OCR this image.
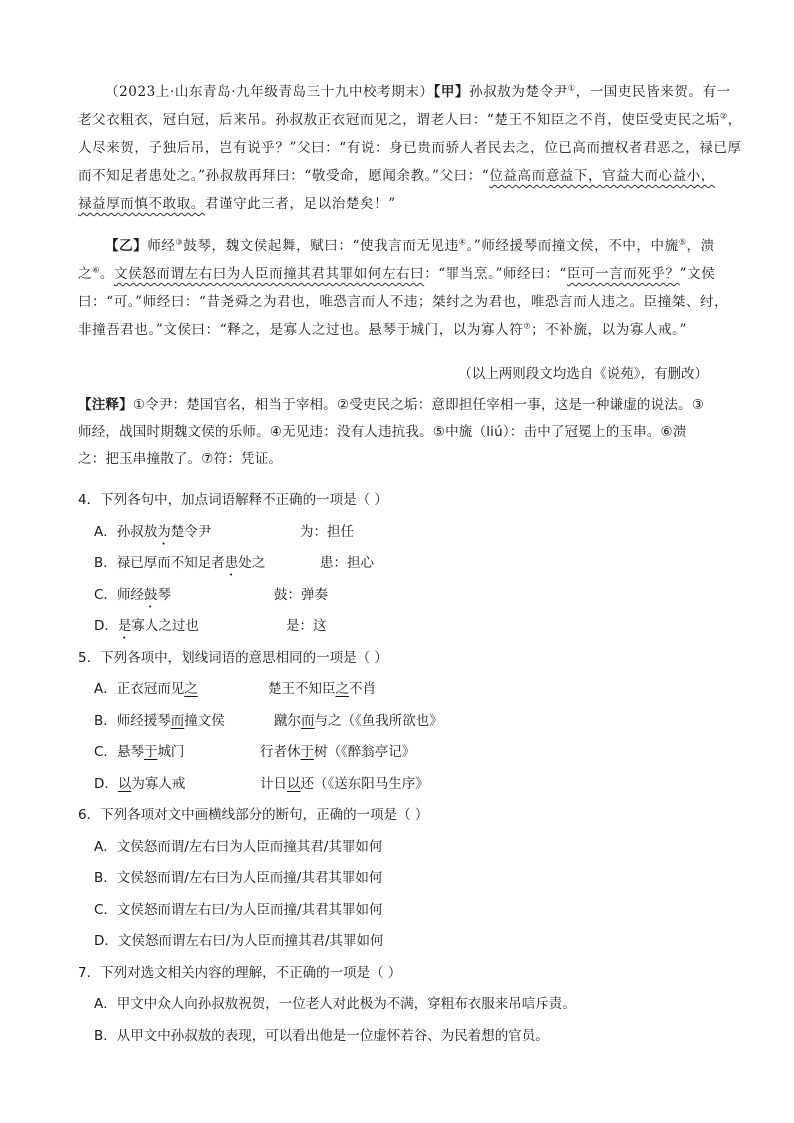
（2023上·山东青岛·九年级青岛三十九中校考期末）【甲】孙叔敖为楚令尹①，一国吏民皆来贺。有一
老父衣粗衣，冠白冠，后来吊。孙叔敖正衣冠而见之，谓老人曰：“楚王不知臣之不肖，使臣受吏民之垢②，
人尽来贺，子独后吊，岂有说乎？”父曰：“有说：身已贵而骄人者民去之，位已高而擅权者君恶之，禄已厚
而不知足者患处之。”孙叔敖再拜曰：“敬受命，愿闻余教。”父曰：“位益高而意益下，官益大而心益小，
禄益厚而慎不敢取。君谨守此三者，足以治楚矣！”
【乙】师经③鼓琴，魏文侯起舞，赋曰：“使我言而无见违④。”师经援琴而撞文侯，不中，中旒⑤，溃
之⑥。文侯怒而谓左右曰为人臣而撞其君其罪如何左右曰：“罪当烹。”师经曰：“臣可一言而死乎？”文侯
曰：“可。”师经曰：“昔尧舜之为君也，唯恐言而人不违；桀纣之为君也，唯恐言而人违之。臣撞桀、纣，
非撞吾君也。”文侯曰：“释之，是寡人之过也。悬琴于城门，以为寡人符⑦；不补旒，以为寡人戒。”
（以上两则段文均选自《说苑》，有删改）
【注释】①令尹：楚国官名，相当于宰相。②受吏民之垢：意即担任宰相一事，这是一种谦虚的说法。③
师经，战国时期魏文侯的乐师。④无见违：没有人违抗我。⑤中旒（liú）：击中了冠冕上的玉串。⑥溃
之：把玉串撞散了。⑦符：凭证。
4．下列各句中，加点词语解释不正确的一项是（ ）
A．孙叔敖为楚令尹	为：担任
B．禄已厚而不知足者患处之	患：担心
C．师经鼓琴	鼓：弹奏
D．是寡人之过也	是：这
5．下列各项中，划线词语的意思相同的一项是（ ）
A．正衣冠而见之	楚王不知臣之不肖
B．师经援琴而撞文侯	蹴尔而与之（《鱼我所欲也》
C．悬琴于城门	行者休于树（《醉翁亭记》
D．以为寡人戒	计日以还（《送东阳马生序》
6．下列各项对文中画横线部分的断句，正确的一项是（ ）
A．文侯怒而谓/左右曰为人臣而撞其君/其罪如何
B．文侯怒而谓/左右曰为人臣而撞/其君其罪如何
C．文侯怒而谓左右曰/为人臣而撞/其君其罪如何
D．文侯怒而谓左右曰/为人臣而撞其君/其罪如何
7．下列对选文相关内容的理解，不正确的一项是（ ）
A．甲文中众人向孙叔敖祝贺，一位老人对此极为不满，穿粗布衣服来吊唁斥责。
B．从甲文中孙叔敖的表现，可以看出他是一位虚怀若谷、为民着想的官员。
